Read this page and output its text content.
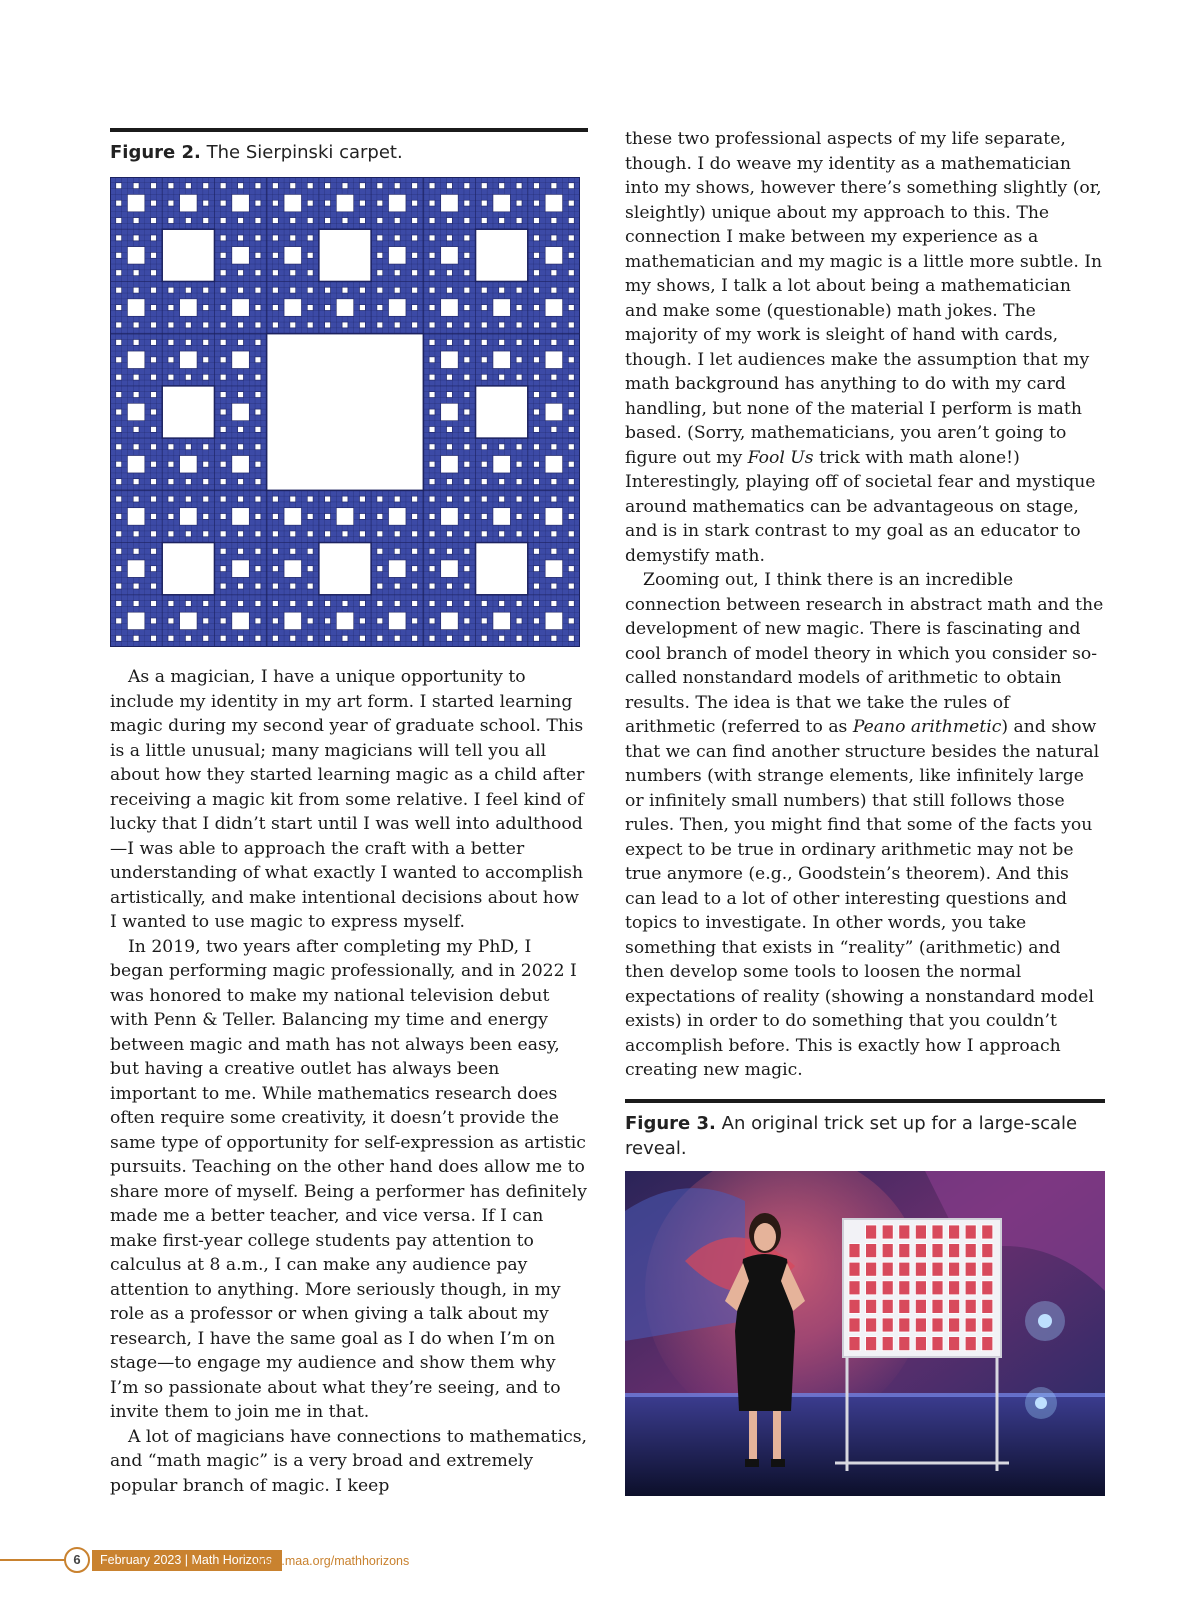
Figure 2. The Sierpinski carpet.

As a magician, I have a unique opportunity to include my identity in my art form. I started learning magic during my second year of graduate school. This is a little unusual; many magicians will tell you all about how they started learning magic as a child after receiving a magic kit from some relative. I feel kind of lucky that I didn’t start until I was well into adulthood—I was able to approach the craft with a better understanding of what exactly I wanted to accomplish artistically, and make intentional decisions about how I wanted to use magic to express myself.

In 2019, two years after completing my PhD, I began performing magic professionally, and in 2022 I was honored to make my national television debut with Penn & Teller. Balancing my time and energy between magic and math has not always been easy, but having a creative outlet has always been important to me. While mathematics research does often require some creativity, it doesn’t provide the same type of opportunity for self-expression as artistic pursuits. Teaching on the other hand does allow me to share more of myself. Being a performer has definitely made me a better teacher, and vice versa. If I can make first-year college students pay attention to calculus at 8 a.m., I can make any audience pay attention to anything. More seriously though, in my role as a professor or when giving a talk about my research, I have the same goal as I do when I’m on stage—to engage my audience and show them why I’m so passionate about what they’re seeing, and to invite them to join me in that.

A lot of magicians have connections to mathematics, and “math magic” is a very broad and extremely popular branch of magic. I keep

these two professional aspects of my life separate, though. I do weave my identity as a mathematician into my shows, however there’s something slightly (or, sleightly) unique about my approach to this. The connection I make between my experience as a mathematician and my magic is a little more subtle. In my shows, I talk a lot about being a mathematician and make some (questionable) math jokes. The majority of my work is sleight of hand with cards, though. I let audiences make the assumption that my math background has anything to do with my card handling, but none of the material I perform is math based. (Sorry, mathematicians, you aren’t going to figure out my Fool Us trick with math alone!) Interestingly, playing off of societal fear and mystique around mathematics can be advantageous on stage, and is in stark contrast to my goal as an educator to demystify math.

Zooming out, I think there is an incredible connection between research in abstract math and the development of new magic. There is fascinating and cool branch of model theory in which you consider so-called nonstandard models of arithmetic to obtain results. The idea is that we take the rules of arithmetic (referred to as Peano arithmetic) and show that we can find another structure besides the natural numbers (with strange elements, like infinitely large or infinitely small numbers) that still follows those rules. Then, you might find that some of the facts you expect to be true in ordinary arithmetic may not be true anymore (e.g., Goodstein’s theorem). And this can lead to a lot of other interesting questions and topics to investigate. In other words, you take something that exists in “reality” (arithmetic) and then develop some tools to loosen the normal expectations of reality (showing a nonstandard model exists) in order to do something that you couldn’t accomplish before. This is exactly how I approach creating new magic.

Figure 3. An original trick set up for a large-scale reveal.
6	February 2023 | Math Horizons
www.maa.org/mathhorizons
